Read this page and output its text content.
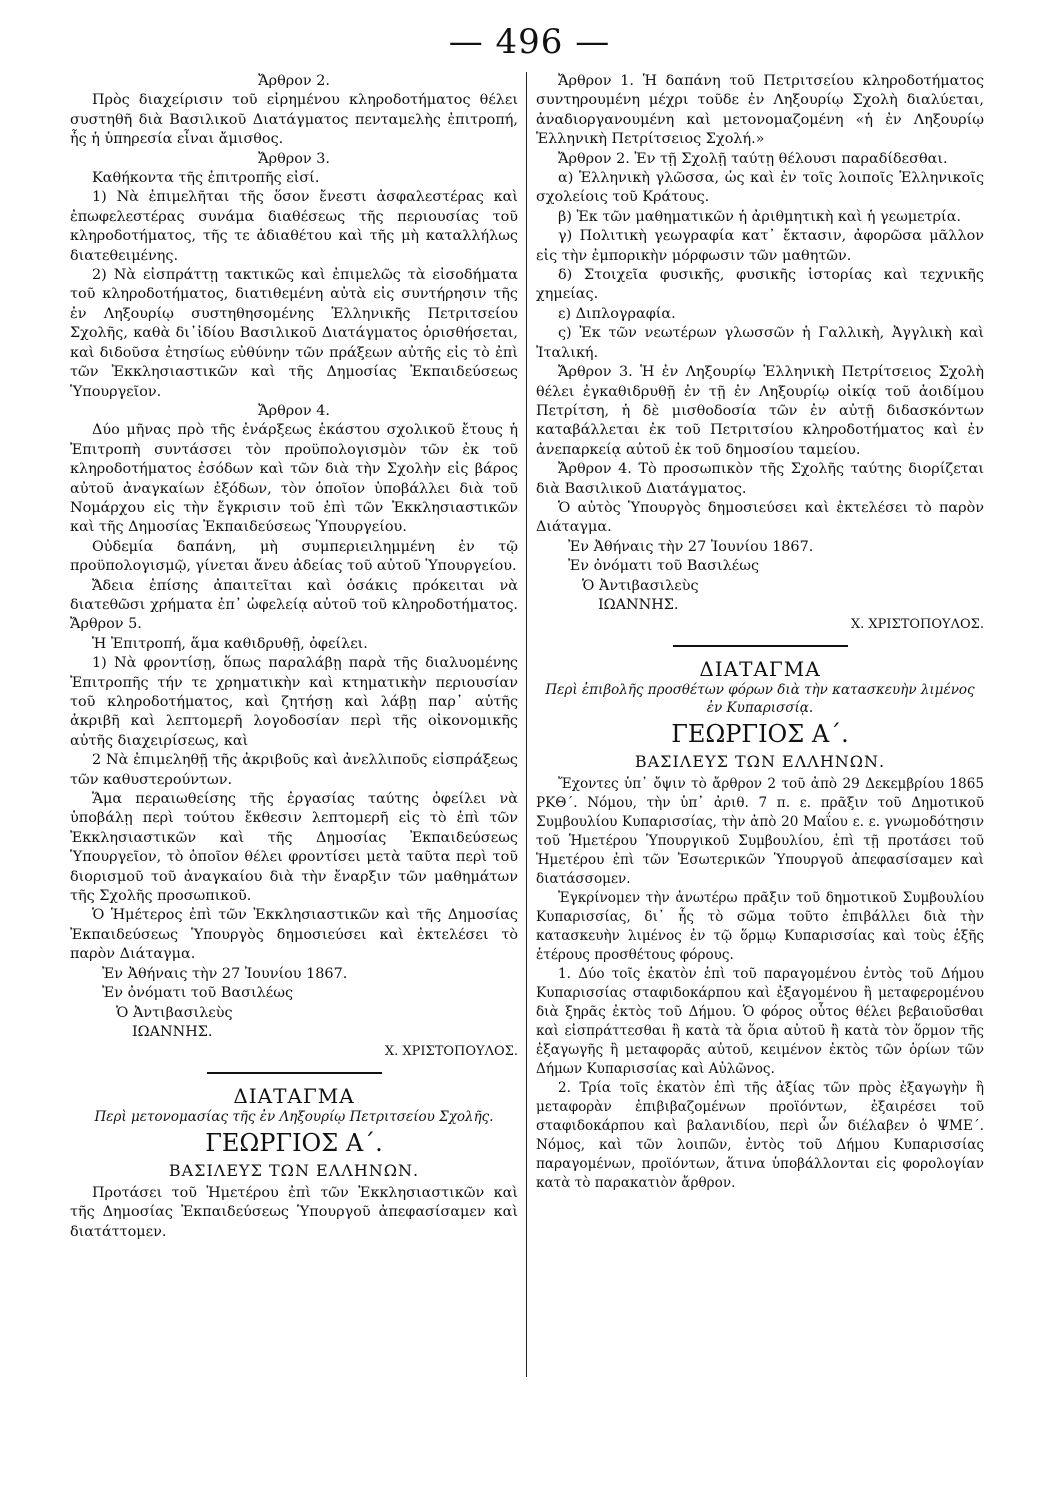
— 496 —

Ἄρθρον 2.

Πρὸς διαχείρισιν τοῦ εἰρημένου κληροδοτήματος θέλει συστηθῆ διὰ Βασιλικοῦ Διατάγματος πενταμελὴς ἐπιτροπή, ἧς ἡ ὑπηρεσία εἶναι ἄμισθος.

Ἄρθρον 3.

Καθήκοντα τῆς ἐπιτροπῆς εἰσί.

1) Νὰ ἐπιμελῆται τῆς ὅσον ἔνεστι ἀσφαλεστέρας καὶ ἐπωφελεστέρας συνάμα διαθέσεως τῆς περιουσίας τοῦ κληροδοτήματος, τῆς τε ἀδιαθέτου καὶ τῆς μὴ καταλλήλως διατεθειμένης.

2) Νὰ εἰσπράττῃ τακτικῶς καὶ ἐπιμελῶς τὰ εἰσοδήματα τοῦ κληροδοτήματος, διατιθεμένη αὐτὰ εἰς συντήρησιν τῆς ἐν Ληξουρίῳ συστηθησομένης Ἑλληνικῆς Πετριτσείου Σχολῆς, καθὰ δι᾽ἰδίου Βασιλικοῦ Διατάγματος ὁρισθήσεται, καὶ διδοῦσα ἐτησίως εὐθύνην τῶν πράξεων αὐτῆς εἰς τὸ ἐπὶ τῶν Ἐκκλησιαστικῶν καὶ τῆς Δημοσίας Ἐκπαιδεύσεως Ὑπουργεῖον.

Ἄρθρον 4.

Δύο μῆνας πρὸ τῆς ἐνάρξεως ἑκάστου σχολικοῦ ἔτους ἡ Ἐπιτροπὴ συντάσσει τὸν προϋπολογισμὸν τῶν ἐκ τοῦ κληροδοτήματος ἐσόδων καὶ τῶν διὰ τὴν Σχολὴν εἰς βάρος αὐτοῦ ἀναγκαίων ἐξόδων, τὸν ὁποῖον ὑποβάλλει διὰ τοῦ Νομάρχου εἰς τὴν ἔγκρισιν τοῦ ἐπὶ τῶν Ἐκκλησιαστικῶν καὶ τῆς Δημοσίας Ἐκπαιδεύσεως Ὑπουργείου.

Οὐδεμία δαπάνη, μὴ συμπεριειλημμένη ἐν τῷ προϋπολογισμῷ, γίνεται ἄνευ ἀδείας τοῦ αὐτοῦ Ὑπουργείου.

Ἄδεια ἐπίσης ἀπαιτεῖται καὶ ὁσάκις πρόκειται νὰ διατεθῶσι χρήματα ἐπ᾽ ὠφελείᾳ αὐτοῦ τοῦ κληροδοτήματος. Ἄρθρον 5.

Ἡ Ἐπιτροπή, ἅμα καθιδρυθῇ, ὀφείλει.

1) Νὰ φροντίσῃ, ὅπως παραλάβῃ παρὰ τῆς διαλυομένης Ἐπιτροπῆς τήν τε χρηματικὴν καὶ κτηματικὴν περιουσίαν τοῦ κληροδοτήματος, καὶ ζητήσῃ καὶ λάβῃ παρ᾽ αὐτῆς ἀκριβῆ καὶ λεπτομερῆ λογοδοσίαν περὶ τῆς οἰκονομικῆς αὐτῆς διαχειρίσεως, καὶ

2 Νὰ ἐπιμεληθῇ τῆς ἀκριβοῦς καὶ ἀνελλιποῦς εἰσπράξεως τῶν καθυστερούντων.

Ἅμα περαιωθείσης τῆς ἐργασίας ταύτης ὀφείλει νὰ ὑποβάλῃ περὶ τούτου ἔκθεσιν λεπτομερῆ εἰς τὸ ἐπὶ τῶν Ἐκκλησιαστικῶν καὶ τῆς Δημοσίας Ἐκπαιδεύσεως Ὑπουργεῖον, τὸ ὁποῖον θέλει φροντίσει μετὰ ταῦτα περὶ τοῦ διορισμοῦ τοῦ ἀναγκαίου διὰ τὴν ἔναρξιν τῶν μαθημάτων τῆς Σχολῆς προσωπικοῦ.

Ὁ Ἡμέτερος ἐπὶ τῶν Ἐκκλησιαστικῶν καὶ τῆς Δημοσίας Ἐκπαιδεύσεως Ὑπουργὸς δημοσιεύσει καὶ ἐκτελέσει τὸ παρὸν Διάταγμα.

Ἐν Ἀθήναις τὴν 27 Ἰουνίου 1867.
Ἐν ὀνόματι τοῦ Βασιλέως
Ὁ Ἀντιβασιλεὺς
ΙΩΑΝΝΗΣ.

Χ. ΧΡΙΣΤΟΠΟΥΛΟΣ.

ΔΙΑΤΑΓΜΑ
Περὶ μετονομασίας τῆς ἐν Ληξουρίῳ Πετριτσείου Σχολῆς.
ΓΕΩΡΓΙΟΣ Α΄.
ΒΑΣΙΛΕΥΣ ΤΩΝ ΕΛΛΗΝΩΝ.

Προτάσει τοῦ Ἡμετέρου ἐπὶ τῶν Ἐκκλησιαστικῶν καὶ τῆς Δημοσίας Ἐκπαιδεύσεως Ὑπουργοῦ ἀπεφασίσαμεν καὶ διατάττομεν.

Ἄρθρον 1. Ἡ δαπάνη τοῦ Πετριτσείου κληροδοτήματος συντηρουμένη μέχρι τοῦδε ἐν Ληξουρίῳ Σχολὴ διαλύεται, ἀναδιοργανουμένη καὶ μετονομαζομένη «ἡ ἐν Ληξουρίῳ Ἑλληνικὴ Πετρίτσειος Σχολή.»

Ἄρθρον 2. Ἐν τῇ Σχολῇ ταύτῃ θέλουσι παραδίδεσθαι.

α) Ἑλληνικὴ γλῶσσα, ὡς καὶ ἐν τοῖς λοιποῖς Ἑλληνικοῖς σχολείοις τοῦ Κράτους.

β) Ἐκ τῶν μαθηματικῶν ἡ ἀριθμητικὴ καὶ ἡ γεωμετρία.

γ) Πολιτικὴ γεωγραφία κατ᾽ ἔκτασιν, ἀφορῶσα μᾶλλον εἰς τὴν ἐμπορικὴν μόρφωσιν τῶν μαθητῶν.

δ) Στοιχεῖα φυσικῆς, φυσικῆς ἱστορίας καὶ τεχνικῆς χημείας.

ε) Διπλογραφία.

ς) Ἐκ τῶν νεωτέρων γλωσσῶν ἡ Γαλλικὴ, Ἀγγλικὴ καὶ Ἰταλική.

Ἄρθρον 3. Ἡ ἐν Ληξουρίῳ Ἑλληνικὴ Πετρίτσειος Σχολὴ θέλει ἐγκαθιδρυθῇ ἐν τῇ ἐν Ληξουρίῳ οἰκίᾳ τοῦ ἀοιδίμου Πετρίτση, ἡ δὲ μισθοδοσία τῶν ἐν αὐτῇ διδασκόντων καταβάλλεται ἐκ τοῦ Πετριτσίου κληροδοτήματος καὶ ἐν ἀνεπαρκείᾳ αὐτοῦ ἐκ τοῦ δημοσίου ταμείου.

Ἄρθρον 4. Τὸ προσωπικὸν τῆς Σχολῆς ταύτης διορίζεται διὰ Βασιλικοῦ Διατάγματος.

Ὁ αὐτὸς Ὑπουργὸς δημοσιεύσει καὶ ἐκτελέσει τὸ παρὸν Διάταγμα.

Ἐν Ἀθήναις τὴν 27 Ἰουνίου 1867.
Ἐν ὀνόματι τοῦ Βασιλέως
Ὁ Ἀντιβασιλεὺς
ΙΩΑΝΝΗΣ.

Χ. ΧΡΙΣΤΟΠΟΥΛΟΣ.

ΔΙΑΤΑΓΜΑ
Περὶ ἐπιβολῆς προσθέτων φόρων διὰ τὴν κατασκευὴν λιμένος ἐν Κυπαρισσίᾳ.
ΓΕΩΡΓΙΟΣ Α΄.
ΒΑΣΙΛΕΥΣ ΤΩΝ ΕΛΛΗΝΩΝ.

Ἔχοντες ὑπ᾽ ὄψιν τὸ ἄρθρον 2 τοῦ ἀπὸ 29 Δεκεμβρίου 1865 ΡΚΘ΄. Νόμου, τὴν ὑπ᾽ ἀριθ. 7 π. ε. πρᾶξιν τοῦ Δημοτικοῦ Συμβουλίου Κυπαρισσίας, τὴν ἀπὸ 20 Μαΐου ε. ε. γνωμοδότησιν τοῦ Ἡμετέρου Ὑπουργικοῦ Συμβουλίου, ἐπὶ τῇ προτάσει τοῦ Ἡμετέρου ἐπὶ τῶν Ἐσωτερικῶν Ὑπουργοῦ ἀπεφασίσαμεν καὶ διατάσσομεν.

Ἐγκρίνομεν τὴν ἀνωτέρω πρᾶξιν τοῦ δημοτικοῦ Συμβουλίου Κυπαρισσίας, δι᾽ ἧς τὸ σῶμα τοῦτο ἐπιβάλλει διὰ τὴν κατασκευὴν λιμένος ἐν τῷ ὅρμῳ Κυπαρισσίας καὶ τοὺς ἑξῆς ἑτέρους προσθέτους φόρους.

1. Δύο τοῖς ἑκατὸν ἐπὶ τοῦ παραγομένου ἐντὸς τοῦ Δήμου Κυπαρισσίας σταφιδοκάρπου καὶ ἐξαγομένου ἢ μεταφερομένου διὰ ξηρᾶς ἐκτὸς τοῦ Δήμου. Ὁ φόρος οὗτος θέλει βεβαιοῦσθαι καὶ εἰσπράττεσθαι ἢ κατὰ τὰ ὅρια αὐτοῦ ἢ κατὰ τὸν ὅρμον τῆς ἐξαγωγῆς ἢ μεταφορᾶς αὐτοῦ, κειμένον ἐκτὸς τῶν ὁρίων τῶν Δήμων Κυπαρισσίας καὶ Αὐλῶνος.

2. Τρία τοῖς ἑκατὸν ἐπὶ τῆς ἀξίας τῶν πρὸς ἐξαγωγὴν ἢ μεταφορὰν ἐπιβιβαζομένων προϊόντων, ἐξαιρέσει τοῦ σταφιδοκάρπου καὶ βαλανιδίου, περὶ ὧν διέλαβεν ὁ ΨΜΕ΄. Νόμος, καὶ τῶν λοιπῶν, ἐντὸς τοῦ Δήμου Κυπαρισσίας παραγομένων, προϊόντων, ἅτινα ὑποβάλλονται εἰς φορολογίαν κατὰ τὸ παρακατιὸν ἄρθρον.
